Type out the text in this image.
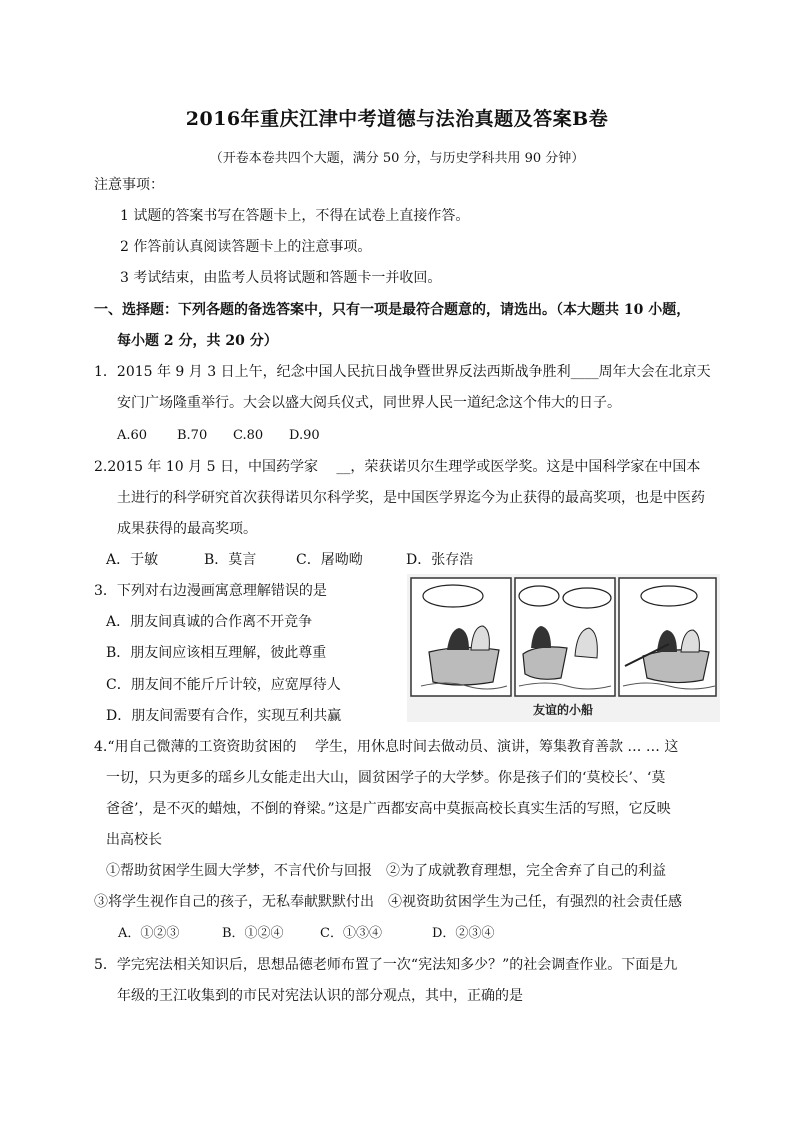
2016年重庆江津中考道德与法治真题及答案B卷
（开卷本卷共四个大题，满分 50 分，与历史学科共用 90 分钟）
注意事项：
1 试题的答案书写在答题卡上，不得在试卷上直接作答。
2 作答前认真阅读答题卡上的注意事项。
3 考试结束，由监考人员将试题和答题卡一并收回。
一、选择题：下列各题的备选答案中，只有一项是最符合题意的，请选出。（本大题共 10 小题，
每小题 2 分，共 20 分）
1．2015 年 9 月 3 日上午，纪念中国人民抗日战争暨世界反法西斯战争胜利____周年大会在北京天
安门广场隆重举行。大会以盛大阅兵仪式，同世界人民一道纪念这个伟大的日子。
A.60 B.70 C.80 D.90
2.2015 年 10 月 5 日，中国药学家　 __，荣获诺贝尔生理学或医学奖。这是中国科学家在中国本
土进行的科学研究首次获得诺贝尔科学奖，是中国医学界迄今为止获得的最高奖项，也是中医药
成果获得的最高奖项。
A．于敏	B．莫言	C．屠呦呦	D．张存浩
3．下列对右边漫画寓意理解错误的是
A．朋友间真诚的合作离不开竞争
B．朋友间应该相互理解，彼此尊重
C．朋友间不能斤斤计较，应宽厚待人
D．朋友间需要有合作，实现互利共赢	友谊的小船
4.“用自己微薄的工资资助贫困的　 学生，用休息时间去做动员、演讲，筹集教育善款 … … 这
一切，只为更多的瑶乡儿女能走出大山，圆贫困学子的大学梦。你是孩子们的‘莫校长’、‘莫
爸爸’，是不灭的蜡烛，不倒的脊梁。”这是广西都安高中莫振高校长真实生活的写照，它反映
出高校长
①帮助贫困学生圆大学梦，不言代价与回报　②为了成就教育理想，完全舍弃了自己的利益
③将学生视作自己的孩子，无私奉献默默付出　④视资助贫困学生为己任，有强烈的社会责任感
A．①②③	B．①②④	C．①③④	D．②③④
5．学完宪法相关知识后，思想品德老师布置了一次“宪法知多少？”的社会调查作业。下面是九
年级的王江收集到的市民对宪法认识的部分观点，其中，正确的是
